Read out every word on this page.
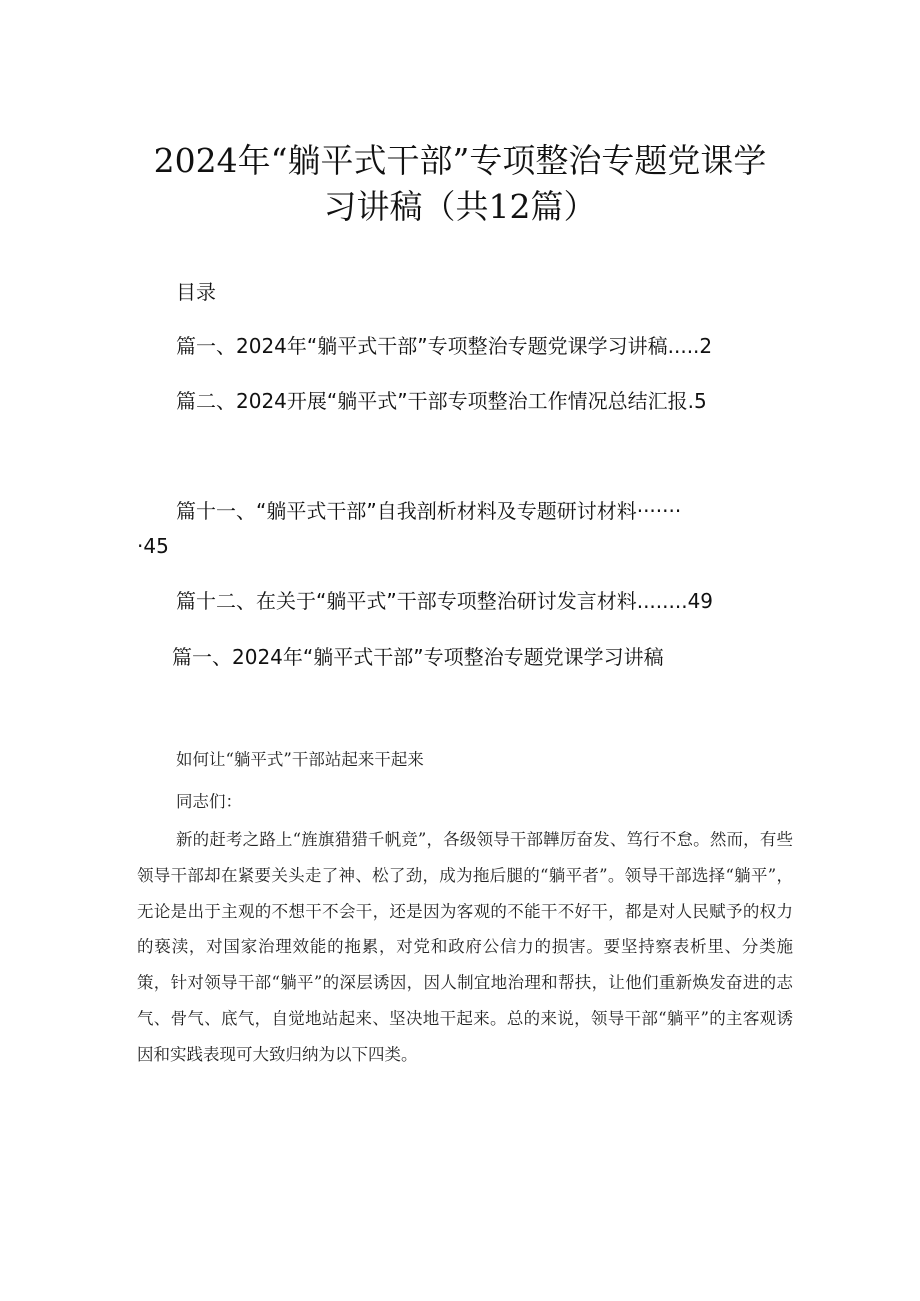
2024年“躺平式干部”专项整治专题党课学
习讲稿（共12篇）
目录
篇一、2024年“躺平式干部”专项整治专题党课学习讲稿.....2
篇二、2024开展“躺平式”干部专项整治工作情况总结汇报.5
篇十一、“躺平式干部”自我剖析材料及专题研讨材料·······
·45
篇十二、在关于“躺平式”干部专项整治研讨发言材料........49
篇一、2024年“躺平式干部”专项整治专题党课学习讲稿

如何让“躺平式”干部站起来干起来

同志们：

新的赶考之路上“旌旗猎猎千帆竞”，各级领导干部韡厉奋发、笃行不怠。然而，有些领导干部却在紧要关头走了神、松了劲，成为拖后腿的“躺平者”。领导干部选择“躺平”，无论是出于主观的不想干不会干，还是因为客观的不能干不好干，都是对人民赋予的权力的亵渎，对国家治理效能的拖累，对党和政府公信力的损害。要坚持察表析里、分类施策，针对领导干部“躺平”的深层诱因，因人制宜地治理和帮扶，让他们重新焕发奋进的志气、骨气、底气，自觉地站起来、坚决地干起来。总的来说，领导干部“躺平”的主客观诱因和实践表现可大致归纳为以下四类。
